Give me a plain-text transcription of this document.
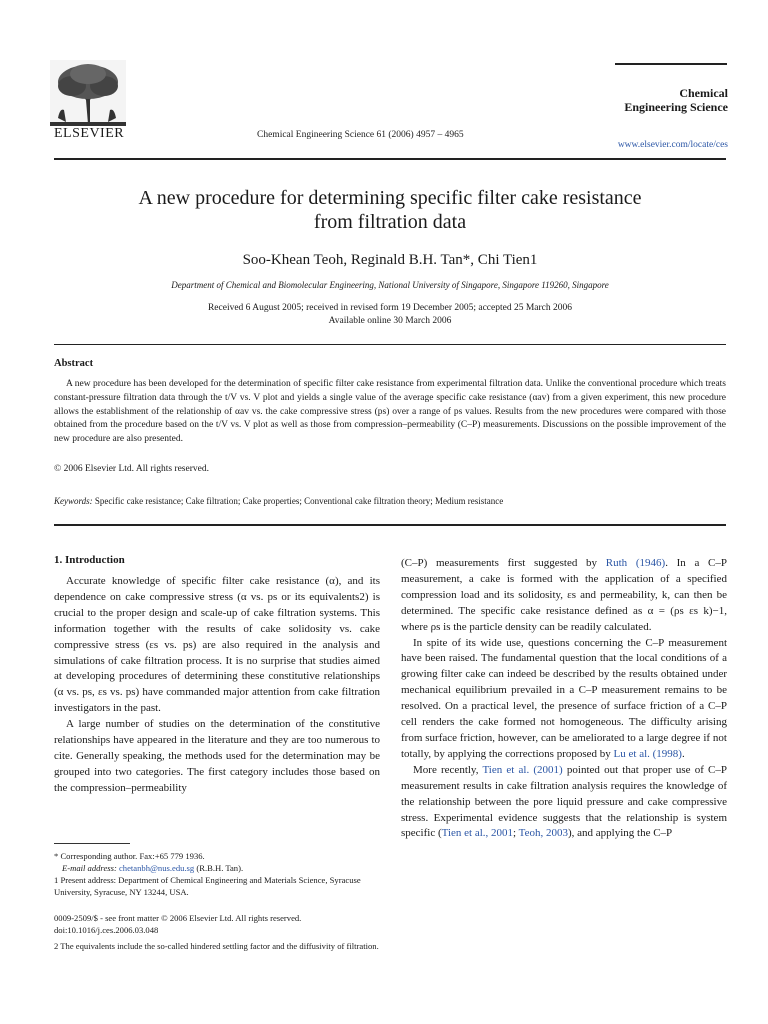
ELSEVIER	Chemical Engineering Science 61 (2006) 4957 – 4965
Chemical
Engineering Science
www.elsevier.com/locate/ces
A new procedure for determining specific filter cake resistance
from filtration data
Soo-Khean Teoh, Reginald B.H. Tan*, Chi Tien1
Department of Chemical and Biomolecular Engineering, National University of Singapore, Singapore 119260, Singapore
Received 6 August 2005; received in revised form 19 December 2005; accepted 25 March 2006
Available online 30 March 2006
Abstract

A new procedure has been developed for the determination of specific filter cake resistance from experimental filtration data. Unlike the conventional procedure which treats constant-pressure filtration data through the t/V vs. V plot and yields a single value of the average specific cake resistance (αav) from a given experiment, this new procedure allows the establishment of the relationship of αav vs. the cake compressive stress (ps) over a range of ps values. Results from the new procedures were compared with those obtained from the procedure based on the t/V vs. V plot as well as those from compression–permeability (C–P) measurements. Discussions on the possible improvement of the new procedure are also presented.

© 2006 Elsevier Ltd. All rights reserved.
Keywords: Specific cake resistance; Cake filtration; Cake properties; Conventional cake filtration theory; Medium resistance
1. Introduction

Accurate knowledge of specific filter cake resistance (α), and its dependence on cake compressive stress (α vs. ps or its equivalents2) is crucial to the proper design and scale-up of cake filtration systems. This information together with the results of cake solidosity vs. cake compressive stress (εs vs. ps) are also required in the analysis and simulations of cake filtration process. It is no surprise that studies aimed at developing procedures of determining these constitutive relationships (α vs. ps, εs vs. ps) have commanded major attention from cake filtration investigators in the past.

A large number of studies on the determination of the constitutive relationships have appeared in the literature and they are too numerous to cite. Generally speaking, the methods used for the determination may be grouped into two categories. The first category includes those based on the compression–permeability

(C–P) measurements first suggested by Ruth (1946). In a C–P measurement, a cake is formed with the application of a specified compression load and its solidosity, εs and permeability, k, can then be determined. The specific cake resistance defined as α = (ρs εs k)−1, where ρs is the particle density can be readily calculated.

In spite of its wide use, questions concerning the C–P measurement have been raised. The fundamental question that the local conditions of a growing filter cake can indeed be described by the results obtained under mechanical equilibrium prevailed in a C–P measurement remains to be resolved. On a practical level, the presence of surface friction of a C–P cell renders the cake formed not homogeneous. The difficulty arising from surface friction, however, can be ameliorated to a large degree if not totally, by applying the corrections proposed by Lu et al. (1998).

More recently, Tien et al. (2001) pointed out that proper use of C–P measurement results in cake filtration analysis requires the knowledge of the relationship between the pore liquid pressure and cake compressive stress. Experimental evidence suggests that the relationship is system specific (Tien et al., 2001; Teoh, 2003), and applying the C–P

* Corresponding author. Fax:+65 779 1936.
E-mail address: chetanbh@nus.edu.sg (R.B.H. Tan).
1 Present address: Department of Chemical Engineering and Materials Science, Syracuse University, Syracuse, NY 13244, USA.
0009-2509/$ - see front matter © 2006 Elsevier Ltd. All rights reserved.
doi:10.1016/j.ces.2006.03.048
2 The equivalents include the so-called hindered settling factor and the diffusivity of filtration.
